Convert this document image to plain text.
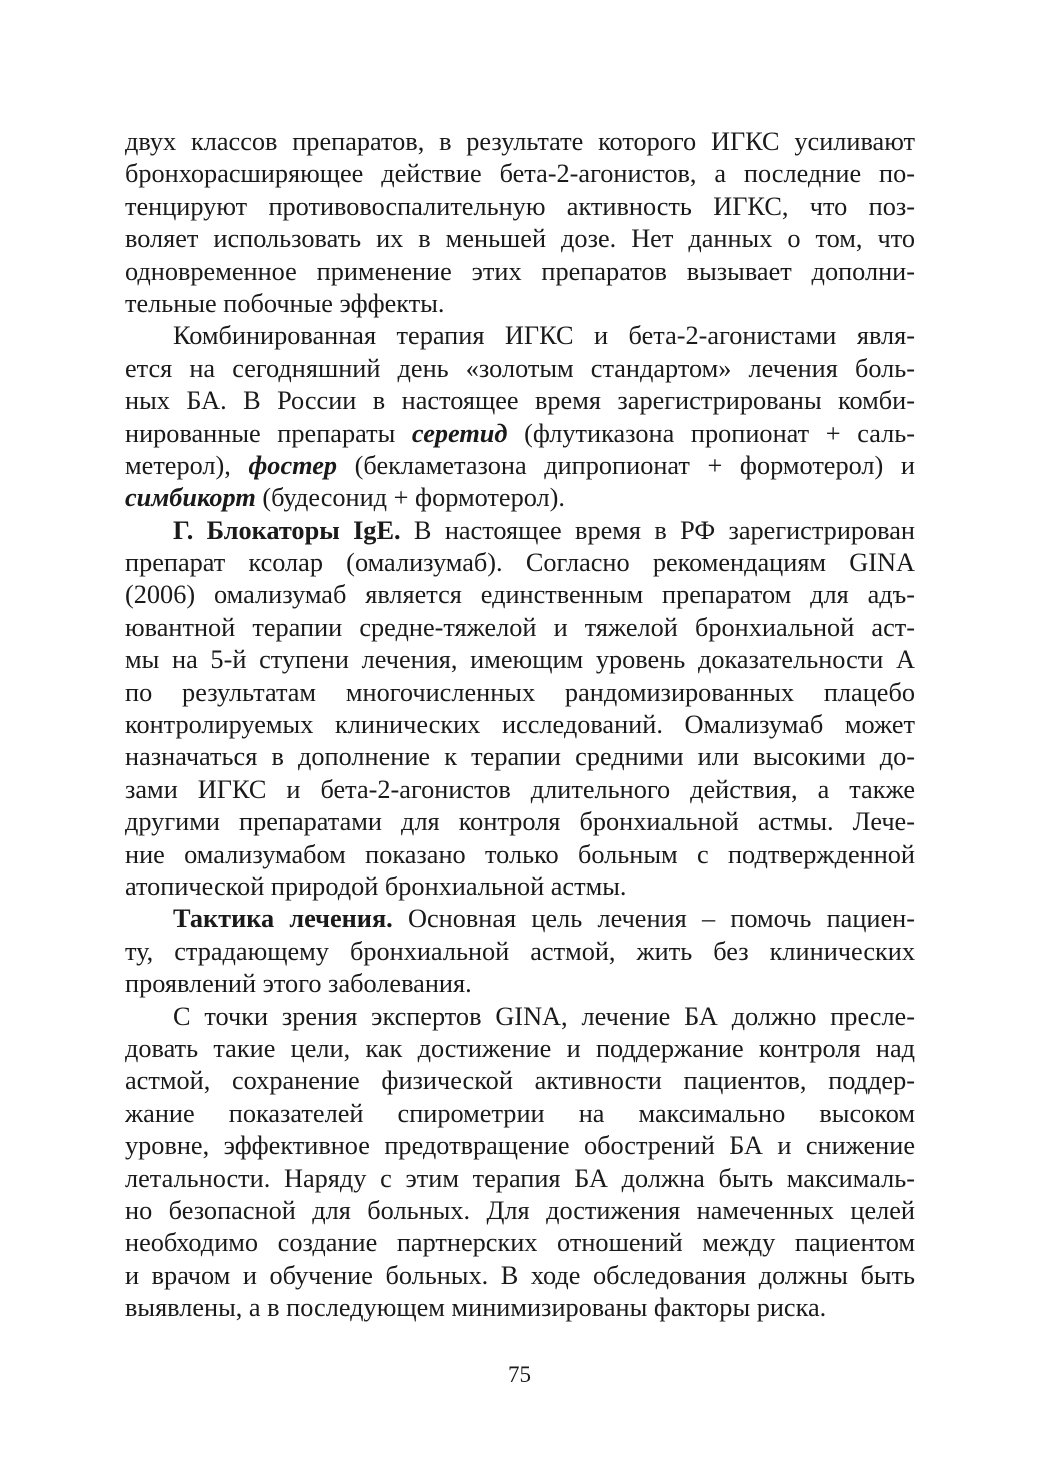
двух классов препаратов, в результате которого ИГКС усиливают
бронхорасширяющее действие бета-2-агонистов, а последние по-
тенцируют противовоспалительную активность ИГКС, что поз-
воляет использовать их в меньшей дозе. Нет данных о том, что
одновременное применение этих препаратов вызывает дополни-
тельные побочные эффекты.
Комбинированная терапия ИГКС и бета-2-агонистами явля-
ется на сегодняшний день «золотым стандартом» лечения боль-
ных БА. В России в настоящее время зарегистрированы комби-
нированные препараты серетид (флутиказона пропионат + саль-
метерол), фостер (бекламетазона дипропионат + формотерол) и
симбикорт (будесонид + формотерол).
Г. Блокаторы IgE. В настоящее время в РФ зарегистрирован
препарат ксолар (омализумаб). Согласно рекомендациям GINA
(2006) омализумаб является единственным препаратом для адъ-
ювантной терапии средне-тяжелой и тяжелой бронхиальной аст-
мы на 5-й ступени лечения, имеющим уровень доказательности А
по результатам многочисленных рандомизированных плацебо
контролируемых клинических исследований. Омализумаб может
назначаться в дополнение к терапии средними или высокими до-
зами ИГКС и бета-2-агонистов длительного действия, а также
другими препаратами для контроля бронхиальной астмы. Лече-
ние омализумабом показано только больным с подтвержденной
атопической природой бронхиальной астмы.
Тактика лечения. Основная цель лечения – помочь пациен-
ту, страдающему бронхиальной астмой, жить без клинических
проявлений этого заболевания.
С точки зрения экспертов GINA, лечение БА должно пресле-
довать такие цели, как достижение и поддержание контроля над
астмой, сохранение физической активности пациентов, поддер-
жание показателей спирометрии на максимально высоком
уровне, эффективное предотвращение обострений БА и снижение
летальности. Наряду с этим терапия БА должна быть максималь-
но безопасной для больных. Для достижения намеченных целей
необходимо создание партнерских отношений между пациентом
и врачом и обучение больных. В ходе обследования должны быть
выявлены, а в последующем минимизированы факторы риска.
75
